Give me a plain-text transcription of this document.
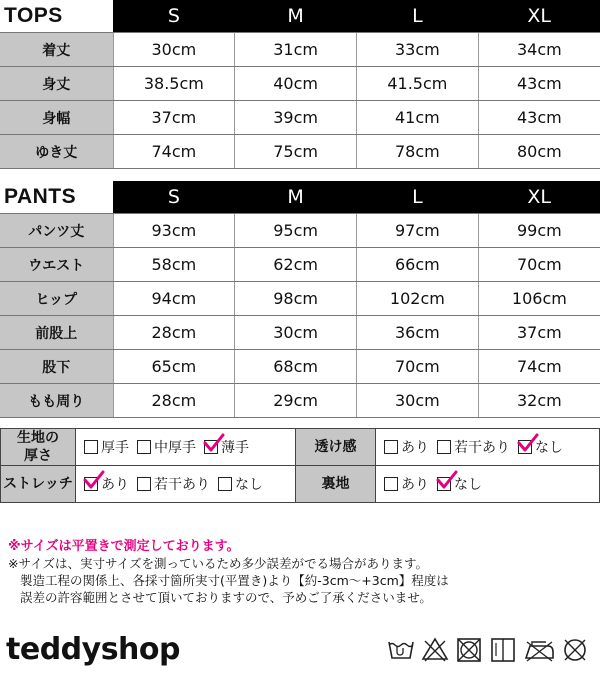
TOPS	S	M	L	XL
着丈	30cm	31cm	33cm	34cm
身丈	38.5cm	40cm	41.5cm	43cm
身幅	37cm	39cm	41cm	43cm
ゆき丈	74cm	75cm	78cm	80cm
PANTS	S	M	L	XL
パンツ丈	93cm	95cm	97cm	99cm
ウエスト	58cm	62cm	66cm	70cm
ヒップ	94cm	98cm	102cm	106cm
前股上	28cm	30cm	36cm	37cm
股下	65cm	68cm	70cm	74cm
もも周り	28cm	29cm	30cm	32cm
生地の
厚さ	厚手 中厚手 薄手	透け感	あり 若干あり なし

ストレッチ	あり 若干あり なし	裏地	あり なし
※サイズは平置きで測定しております。
※サイズは、実寸サイズを測っているため多少誤差がでる場合があります。
製造工程の関係上、各採寸箇所実寸(平置き)より【約-3cm〜+3cm】程度は
誤差の許容範囲とさせて頂いておりますので、予めご了承くださいませ。
teddyshop
